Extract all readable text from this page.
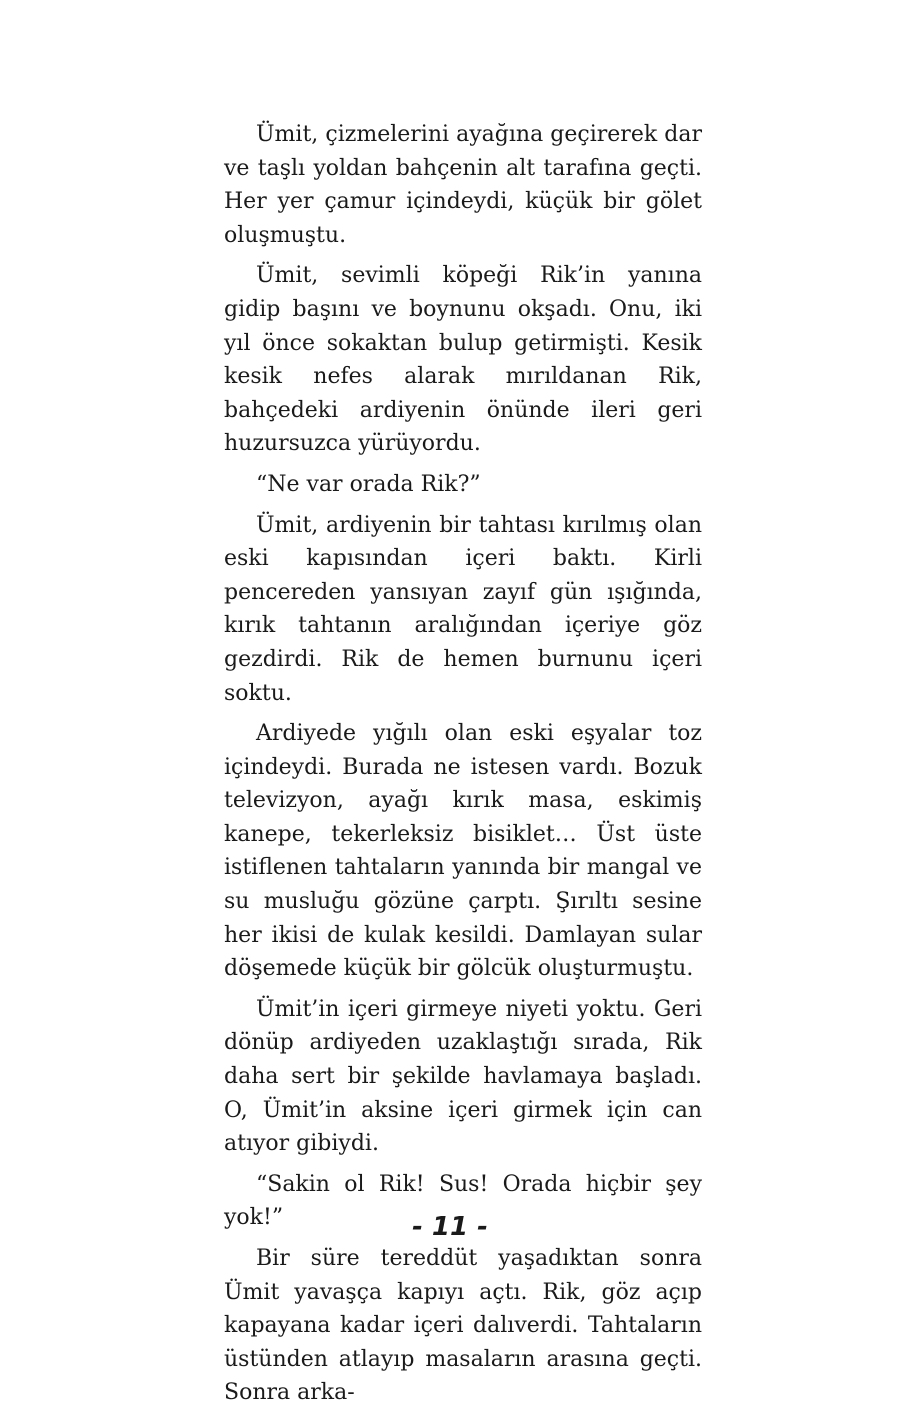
Ümit, çizmelerini ayağına geçirerek dar ve taşlı yoldan bahçenin alt tarafına geçti. Her yer çamur içindeydi, küçük bir gölet oluşmuştu.

Ümit, sevimli köpeği Rik’in yanına gidip başını ve boynunu okşadı. Onu, iki yıl önce sokaktan bulup getirmişti. Kesik kesik nefes alarak mırıldanan Rik, bahçedeki ardiyenin önünde ileri geri huzursuzca yürüyordu.

“Ne var orada Rik?”

Ümit, ardiyenin bir tahtası kırılmış olan eski kapısından içeri baktı. Kirli pencereden yansıyan zayıf gün ışığında, kırık tahtanın aralığından içeriye göz gezdirdi. Rik de hemen burnunu içeri soktu.

Ardiyede yığılı olan eski eşyalar toz içindeydi. Burada ne istesen vardı. Bozuk televizyon, ayağı kırık masa, eskimiş kanepe, tekerleksiz bisiklet… Üst üste istiflenen tahtaların yanında bir mangal ve su musluğu gözüne çarptı. Şırıltı sesine her ikisi de kulak kesildi. Damlayan sular döşemede küçük bir gölcük oluşturmuştu.

Ümit’in içeri girmeye niyeti yoktu. Geri dönüp ardiyeden uzaklaştığı sırada, Rik daha sert bir şekilde havlamaya başladı. O, Ümit’in aksine içeri girmek için can atıyor gibiydi.

“Sakin ol Rik! Sus! Orada hiçbir şey yok!”

Bir süre tereddüt yaşadıktan sonra Ümit yavaşça kapıyı açtı. Rik, göz açıp kapayana kadar içeri dalıverdi. Tahtaların üstünden atlayıp masaların arasına geçti. Sonra arka-

- 11 -
